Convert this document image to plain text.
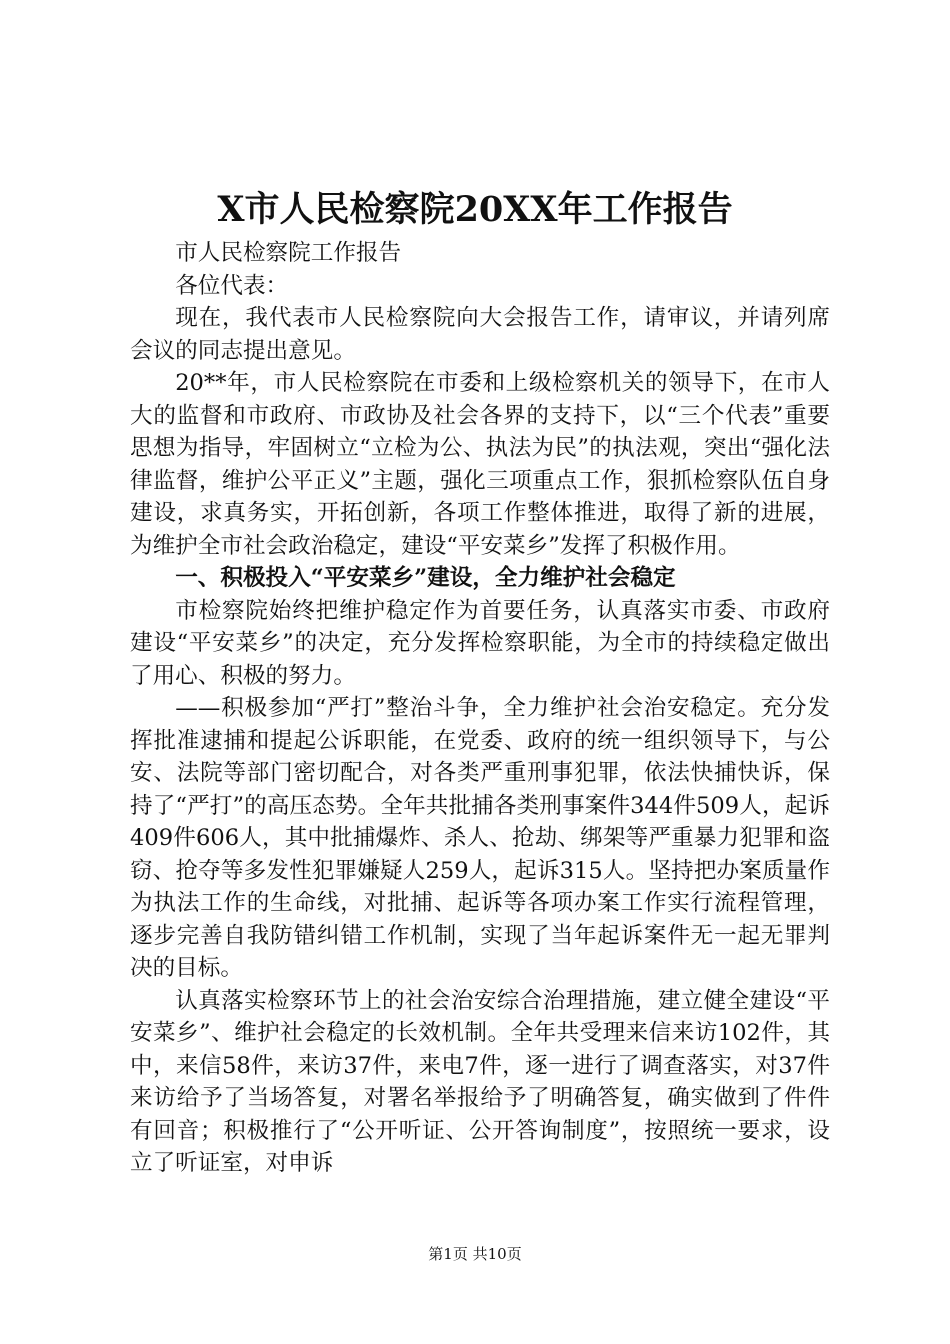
X市人民检察院20XX年工作报告

市人民检察院工作报告

各位代表：

现在，我代表市人民检察院向大会报告工作，请审议，并请列席会议的同志提出意见。

20**年，市人民检察院在市委和上级检察机关的领导下，在市人大的监督和市政府、市政协及社会各界的支持下，以“三个代表”重要思想为指导，牢固树立“立检为公、执法为民”的执法观，突出“强化法律监督，维护公平正义”主题，强化三项重点工作，狠抓检察队伍自身建设，求真务实，开拓创新，各项工作整体推进，取得了新的进展，为维护全市社会政治稳定，建设“平安菜乡”发挥了积极作用。

一、积极投入“平安菜乡”建设，全力维护社会稳定

市检察院始终把维护稳定作为首要任务，认真落实市委、市政府建设“平安菜乡”的决定，充分发挥检察职能，为全市的持续稳定做出了用心、积极的努力。

——积极参加“严打”整治斗争，全力维护社会治安稳定。充分发挥批准逮捕和提起公诉职能，在党委、政府的统一组织领导下，与公安、法院等部门密切配合，对各类严重刑事犯罪，依法快捕快诉，保持了“严打”的高压态势。全年共批捕各类刑事案件344件509人，起诉409件606人，其中批捕爆炸、杀人、抢劫、绑架等严重暴力犯罪和盗窃、抢夺等多发性犯罪嫌疑人259人，起诉315人。坚持把办案质量作为执法工作的生命线，对批捕、起诉等各项办案工作实行流程管理，逐步完善自我防错纠错工作机制，实现了当年起诉案件无一起无罪判决的目标。

认真落实检察环节上的社会治安综合治理措施，建立健全建设“平安菜乡”、维护社会稳定的长效机制。全年共受理来信来访102件，其中，来信58件，来访37件，来电7件，逐一进行了调查落实，对37件来访给予了当场答复，对署名举报给予了明确答复，确实做到了件件有回音；积极推行了“公开听证、公开答询制度”，按照统一要求，设立了听证室，对申诉

第1页 共10页
